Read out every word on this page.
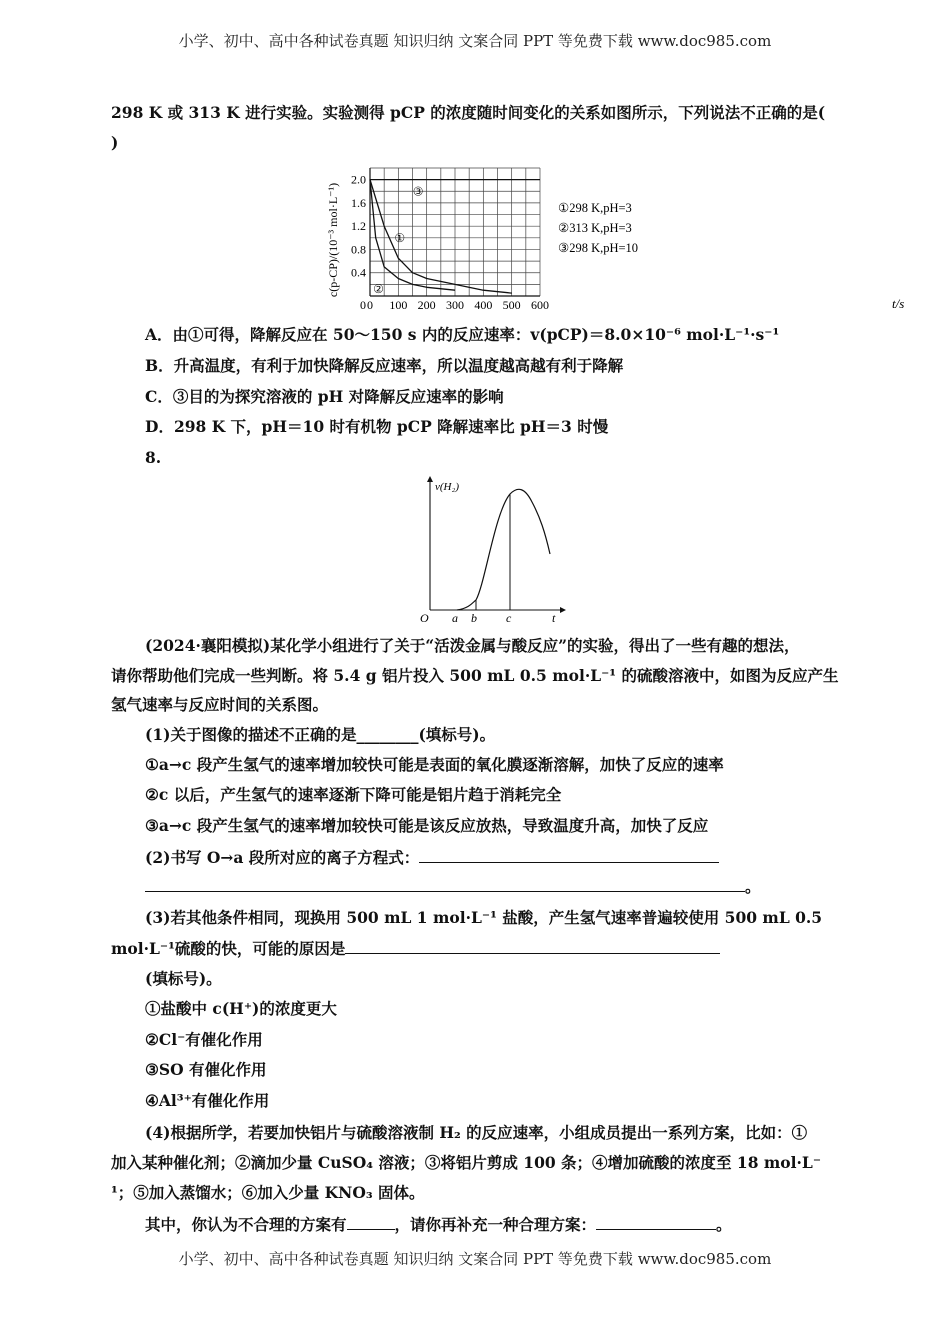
小学、初中、高中各种试卷真题 知识归纳 文案合同 PPT 等免费下载 www.doc985.com
298 K 或 313 K 进行实验。实验测得 pCP 的浓度随时间变化的关系如图所示，下列说法不正确的是(
)
①
②
③
0 100 200 300 400 500 600
0.4
0.8
1.2
1.6
2.0
0
c(p-CP)/(10⁻³ mol·L⁻¹)
t/s
①298 K,pH=3
②313 K,pH=3
③298 K,pH=10
A．由①可得，降解反应在 50～150 s 内的反应速率：v(pCP)＝8.0×10⁻⁶ mol·L⁻¹·s⁻¹
B．升高温度，有利于加快降解反应速率，所以温度越高越有利于降解
C．③目的为探究溶液的 pH 对降解反应速率的影响
D．298 K 下，pH＝10 时有机物 pCP 降解速率比 pH＝3 时慢
8.
v(H₂)
O a b c	t
(2024·襄阳模拟)某化学小组进行了关于“活泼金属与酸反应”的实验，得出了一些有趣的想法，
请你帮助他们完成一些判断。将 5.4 g 铝片投入 500 mL 0.5 mol·L⁻¹ 的硫酸溶液中，如图为反应产生
氢气速率与反应时间的关系图。
(1)关于图像的描述不正确的是________(填标号)。
①a→c 段产生氢气的速率增加较快可能是表面的氧化膜逐渐溶解，加快了反应的速率
②c 以后，产生氢气的速率逐渐下降可能是铝片趋于消耗完全
③a→c 段产生氢气的速率增加较快可能是该反应放热，导致温度升高，加快了反应
(2)书写 O→a 段所对应的离子方程式：
。
(3)若其他条件相同，现换用 500 mL 1 mol·L⁻¹ 盐酸，产生氢气速率普遍较使用 500 mL 0.5
mol·L⁻¹硫酸的快，可能的原因是
(填标号)。
①盐酸中 c(H⁺)的浓度更大
②Cl⁻有催化作用
③SO 有催化作用
④Al³⁺有催化作用
(4)根据所学，若要加快铝片与硫酸溶液制 H₂ 的反应速率，小组成员提出一系列方案，比如：①
加入某种催化剂；②滴加少量 CuSO₄ 溶液；③将铝片剪成 100 条；④增加硫酸的浓度至 18 mol·L⁻
¹；⑤加入蒸馏水；⑥加入少量 KNO₃ 固体。
其中，你认为不合理的方案有	，请你再补充一种合理方案：	。
小学、初中、高中各种试卷真题 知识归纳 文案合同 PPT 等免费下载 www.doc985.com
